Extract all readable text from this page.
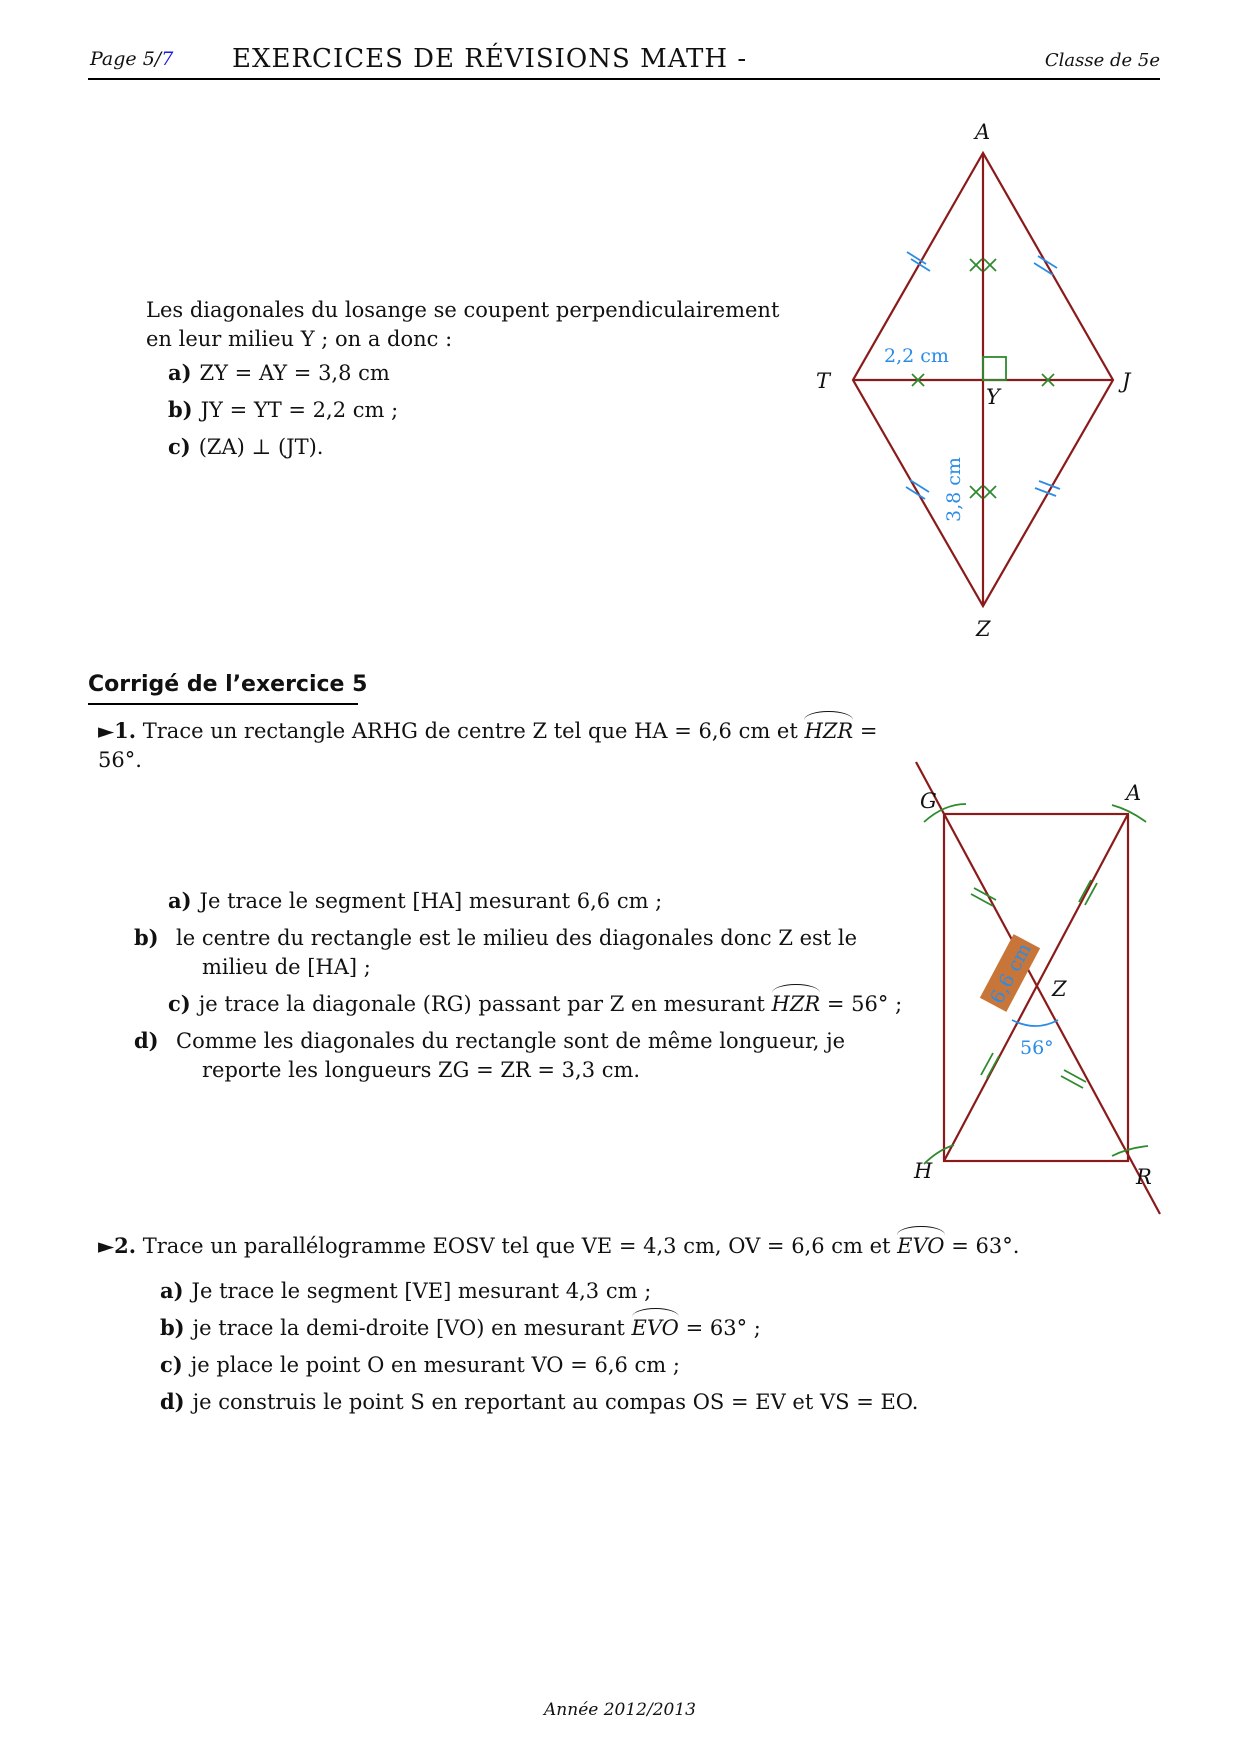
Page 5/7 EXERCICES DE RÉVISIONS MATH -	Classe de 5e
Les diagonales du losange se coupent perpendiculairement en leur milieu Y ; on a donc :
a) ZY = AY = 3,8 cm
b) JY = YT = 2,2 cm ;
c) (ZA) ⊥ (JT).
A
T	J
Z
Y
2,2 cm
3,8 cm
Corrigé de l’exercice 5
►1. Trace un rectangle ARHG de centre Z tel que HA = 6,6 cm et HZR = 56°.
a) Je trace le segment [HA] mesurant 6,6 cm ;
b) le centre du rectangle est le milieu des diagonales donc Z est le milieu de [HA] ;
c) je trace la diagonale (RG) passant par Z en mesurant HZR = 56° ;
d) Comme les diagonales du rectangle sont de même longueur, je reporte les longueurs ZG = ZR = 3,3 cm.
6,6 cm
56°
G	A
H	R
Z
►2. Trace un parallélogramme EOSV tel que VE = 4,3 cm, OV = 6,6 cm et EVO = 63°.
a) Je trace le segment [VE] mesurant 4,3 cm ;
b) je trace la demi-droite [VO) en mesurant EVO = 63° ;
c) je place le point O en mesurant VO = 6,6 cm ;
d) je construis le point S en reportant au compas OS = EV et VS = EO.
Année 2012/2013
